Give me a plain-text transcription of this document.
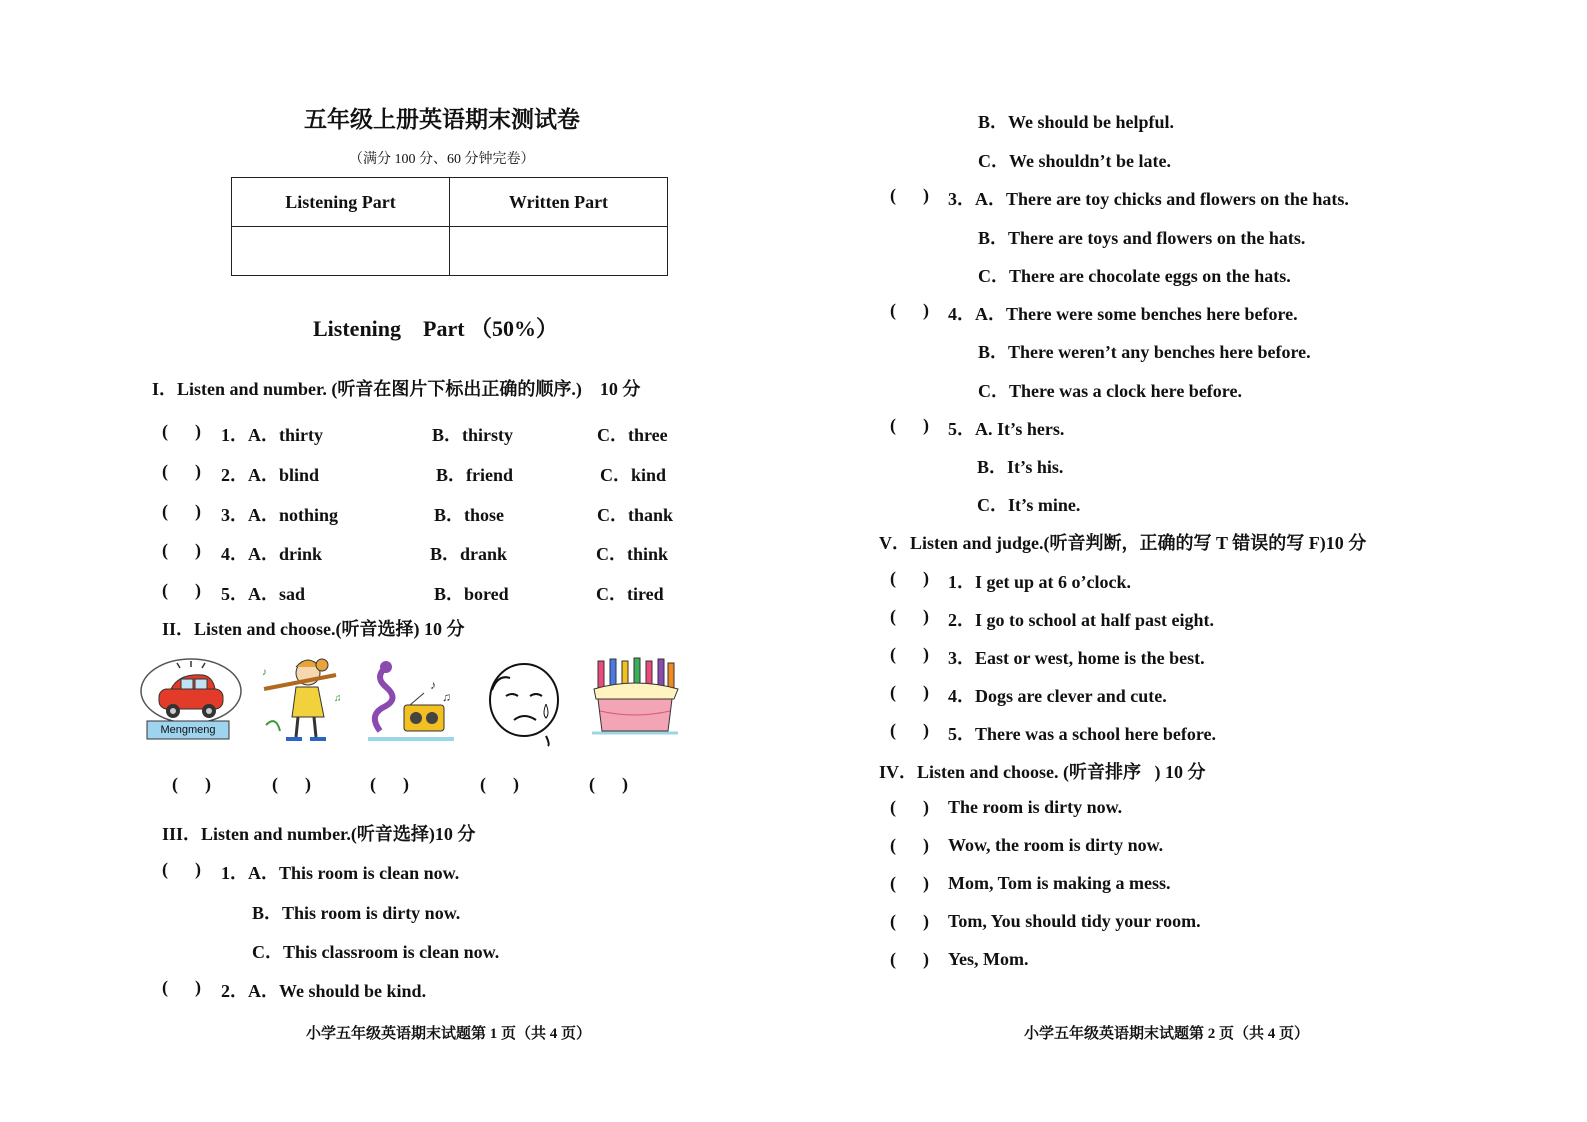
五年级上册英语期末测试卷
（满分 100 分、60 分钟完卷）
Listening Part	Written Part

Listening    Part （50%）
I．Listen and number. (听音在图片下标出正确的顺序.)    10 分
(      ) 1．A．thirty	B．thirsty	C．three
(      ) 2．A．blind	B．friend	C．kind
(      ) 3．A．nothing	B．those	C．thank
(      ) 4．A．drink	B．drank	C．think
(      ) 5．A．sad	B．bored	C．tired
II．Listen and choose.(听音选择) 10 分
Mengmeng
♪
♫
♪
♫
(      )	(      )	(      )	(      )	(      )
III．Listen and number.(听音选择)10 分
(      ) 1．A．This room is clean now.
B．This room is dirty now.
C．This classroom is clean now.
(      ) 2．A．We should be kind.
小学五年级英语期末试题第 1 页（共 4 页）
B．We should be helpful.
C．We shouldn’t be late.
(      ) 3．A．There are toy chicks and flowers on the hats.
B．There are toys and flowers on the hats.
C．There are chocolate eggs on the hats.
(      ) 4．A．There were some benches here before.
B．There weren’t any benches here before.
C．There was a clock here before.
(      ) 5．A. It’s hers.
B．It’s his.
C．It’s mine.
V．Listen and judge.(听音判断，正确的写 T 错误的写 F)10 分
(      ) 1．I get up at 6 o’clock.
(      ) 2．I go to school at half past eight.
(      ) 3．East or west, home is the best.
(      ) 4．Dogs are clever and cute.
(      ) 5．There was a school here before.
IV．Listen and choose. (听音排序   ) 10 分
(      ) The room is dirty now.
(      ) Wow, the room is dirty now.
(      ) Mom, Tom is making a mess.
(      ) Tom, You should tidy your room.
(      ) Yes, Mom.
小学五年级英语期末试题第 2 页（共 4 页）
